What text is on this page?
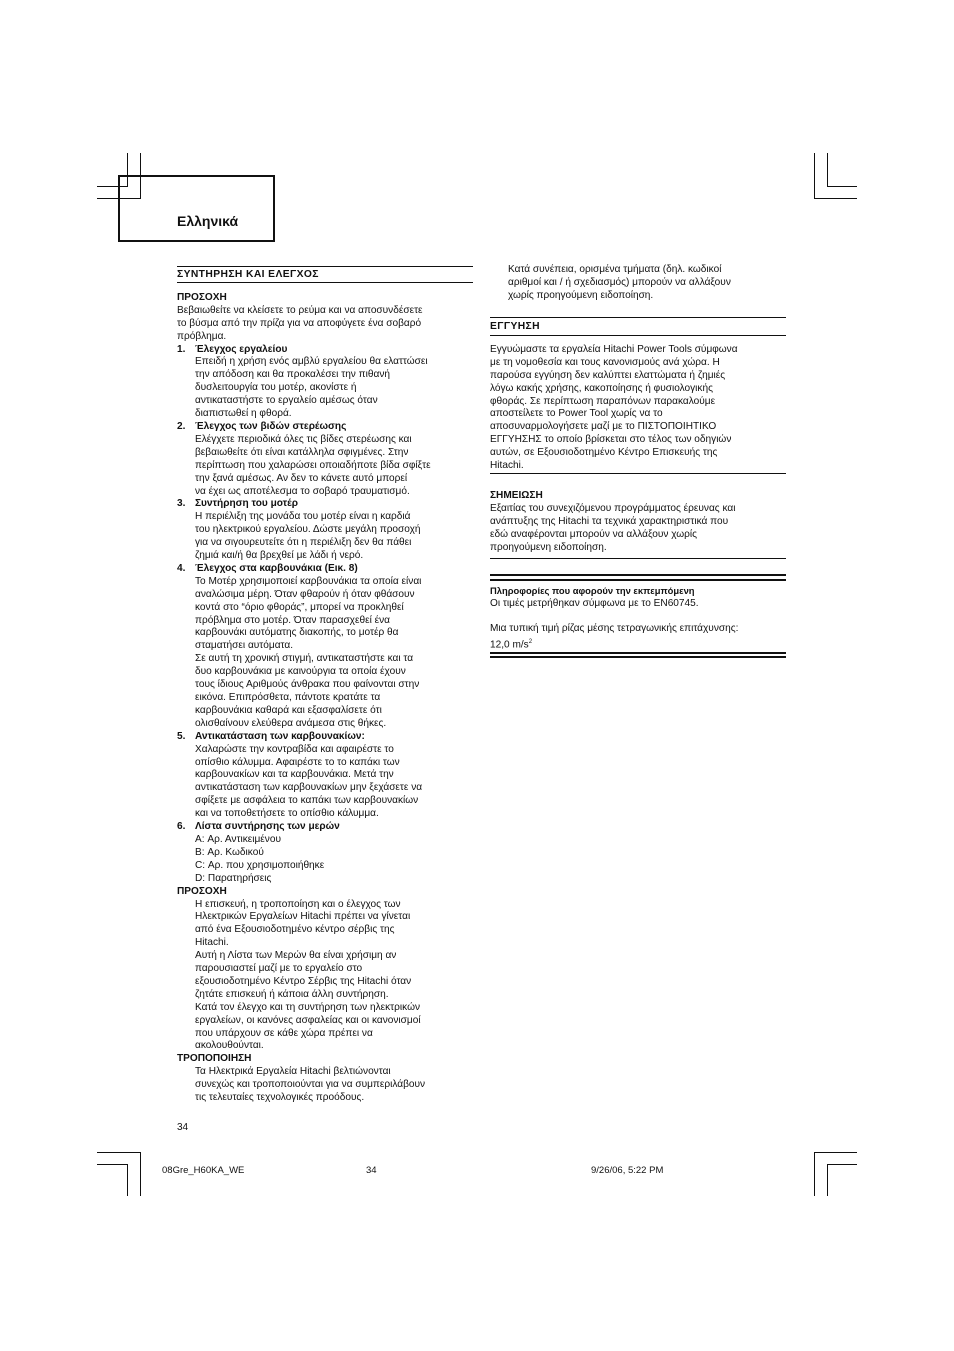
Ελληνικά

ΣΥΝΤΗΡΗΣΗ ΚΑΙ ΕΛΕΓΧΟΣ

ΠΡΟΣΟΧΗ

Βεβαιωθείτε να κλείσετε το ρεύμα και να αποσυνδέσετε

το βύσμα από την πρίζα για να αποφύγετε ένα σοβαρό

πρόβλημα.

1. Έλεγχος εργαλείου

Επειδή η χρήση ενός αμβλύ εργαλείου θα ελαττώσει

την απόδοση και θα προκαλέσει την πιθανή

δυσλειτουργία του μοτέρ, ακονίστε ή

αντικαταστήστε το εργαλείο αμέσως όταν

διαπιστωθεί η φθορά.

2. Έλεγχος των βιδών στερέωσης

Ελέγχετε περιοδικά όλες τις βίδες στερέωσης και

βεβαιωθείτε ότι είναι κατάλληλα σφιγμένες. Στην

περίπτωση που χαλαρώσει οποιαδήποτε βίδα σφίξτε

την ξανά αμέσως. Αν δεν το κάνετε αυτό μπορεί

να έχει ως αποτέλεσμα το σοβαρό τραυματισμό.

3. Συντήρηση του μοτέρ

Η περιέλιξη της μονάδα του μοτέρ είναι η καρδιά

του ηλεκτρικού εργαλείου. Δώστε μεγάλη προσοχή

για να σιγουρευτείτε ότι η περιέλιξη δεν θα πάθει

ζημιά και/ή θα βρεχθεί με λάδι ή νερό.

4. Έλεγχος στα καρβουνάκια (Εικ. 8)

Το Μοτέρ χρησιμοποιεί καρβουνάκια τα οποία είναι

αναλώσιμα μέρη. Όταν φθαρούν ή όταν φθάσουν

κοντά στο “όριο φθοράς”, μπορεί να προκληθεί

πρόβλημα στο μοτέρ. Όταν παρασχεθεί ένα

καρβουνάκι αυτόματης διακοπής, το μοτέρ θα

σταματήσει αυτόματα.

Σε αυτή τη χρονική στιγμή, αντικαταστήστε και τα

δυο καρβουνάκια με καινούργια τα οποία έχουν

τους ίδιους Αριθμούς άνθρακα που φαίνονται στην

εικόνα. Επιπρόσθετα, πάντοτε κρατάτε τα

καρβουνάκια καθαρά και εξασφαλίσετε ότι

ολισθαίνουν ελεύθερα ανάμεσα στις θήκες.

5. Αντικατάσταση των καρβουνακίων:

Χαλαρώστε την κοντραβίδα και αφαιρέστε το

οπίσθιο κάλυμμα. Αφαιρέστε το το καπάκι των

καρβουνακίων και τα καρβουνάκια. Μετά την

αντικατάσταση των καρβουνακίων μην ξεχάσετε να

σφίξετε με ασφάλεια το καπάκι των καρβουνακίων

και να τοποθετήσετε το οπίσθιο κάλυμμα.

6. Λίστα συντήρησης των μερών

A: Αρ. Αντικειμένου

B: Αρ. Κωδικού

C: Αρ. που χρησιμοποιήθηκε

D: Παρατηρήσεις

ΠΡΟΣΟΧΗ

Η επισκευή, η τροποποίηση και ο έλεγχος των

Ηλεκτρικών Εργαλείων Hitachi πρέπει να γίνεται

από ένα Εξουσιοδοτημένο κέντρο σέρβις της

Hitachi.

Αυτή η Λίστα των Μερών θα είναι χρήσιμη αν

παρουσιαστεί μαζί με το εργαλείο στο

εξουσιοδοτημένο Κέντρο Σέρβις της Hitachi όταν

ζητάτε επισκευή ή κάποια άλλη συντήρηση.

Κατά τον έλεγχο και τη συντήρηση των ηλεκτρικών

εργαλείων, οι κανόνες ασφαλείας και οι κανονισμοί

που υπάρχουν σε κάθε χώρα πρέπει να

ακολουθούνται.

ΤΡΟΠΟΠΟΙΗΣΗ

Τα Ηλεκτρικά Εργαλεία Hitachi βελτιώνονται

συνεχώς και τροποποιούνται για να συμπεριλάβουν

τις τελευταίες τεχνολογικές προόδους.

34

Κατά συνέπεια, ορισμένα τμήματα (δηλ. κωδικοί

αριθμοί και / ή σχεδιασμός) μπορούν να αλλάξουν

χωρίς προηγούμενη ειδοποίηση.

ΕΓΓΥΗΣΗ

Εγγυώμαστε τα εργαλεία Hitachi Power Tools σύμφωνα

με τη νομοθεσία και τους κανονισμούς ανά χώρα. Η

παρούσα εγγύηση δεν καλύπτει ελαττώματα ή ζημιές

λόγω κακής χρήσης, κακοποίησης ή φυσιολογικής

φθοράς. Σε περίπτωση παραπόνων παρακαλούμε

αποστείλετε το Power Tool χωρίς να το

αποσυναρμολογήσετε μαζί με το ΠΙΣΤΟΠΟΙΗΤΙΚΟ

ΕΓΓΥΗΣΗΣ το οποίο βρίσκεται στο τέλος των οδηγιών

αυτών, σε Εξουσιοδοτημένο Κέντρο Επισκευής της

Hitachi.

ΣΗΜΕΙΩΣΗ

Εξαιτίας του συνεχιζόμενου προγράμματος έρευνας και

ανάπτυξης της Hitachi τα τεχνικά χαρακτηριστικά που

εδώ αναφέρονται μπορούν να αλλάξουν χωρίς

προηγούμενη ειδοποίηση.

Πληροφορίες που αφορούν την εκπεμπόμενη

Οι τιμές μετρήθηκαν σύμφωνα με το EN60745.

Μια τυπική τιμή ρίζας μέσης τετραγωνικής επιτάχυνσης:

12,0 $m/s^2$

08Gre_H60KA_WE	34	9/26/06, 5:22 PM
